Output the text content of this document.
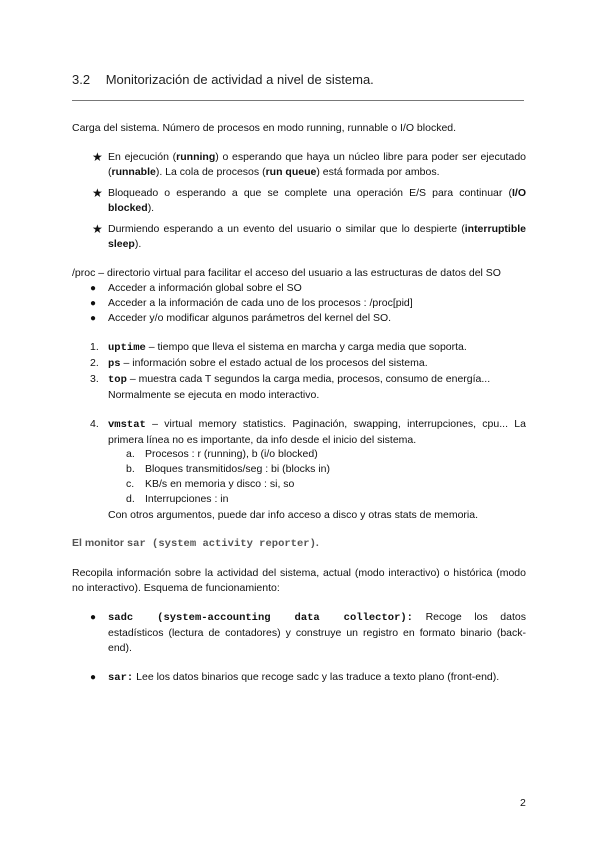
3.2 Monitorización de actividad a nivel de sistema.
Carga del sistema. Número de procesos en modo running, runnable o I/O blocked.
★ En ejecución (running) o esperando que haya un núcleo libre para poder ser ejecutado (runnable). La cola de procesos (run queue) está formada por ambos.
★ Bloqueado o esperando a que se complete una operación E/S para continuar (I/O blocked).
★ Durmiendo esperando a un evento del usuario o similar que lo despierte (interruptible sleep).
/proc – directorio virtual para facilitar el acceso del usuario a las estructuras de datos del SO
● Acceder a información global sobre el SO
● Acceder a la información de cada uno de los procesos : /proc[pid]
● Acceder y/o modificar algunos parámetros del kernel del SO.
1. uptime – tiempo que lleva el sistema en marcha y carga media que soporta.
2. ps – información sobre el estado actual de los procesos del sistema.
3. top – muestra cada T segundos la carga media, procesos, consumo de energía... Normalmente se ejecuta en modo interactivo.
4. vmstat – virtual memory statistics. Paginación, swapping, interrupciones, cpu... La primera línea no es importante, da info desde el inicio del sistema.
a. Procesos : r (running), b (i/o blocked)
b. Bloques transmitidos/seg : bi (blocks in)
c. KB/s en memoria y disco : si, so
d. Interrupciones : in
Con otros argumentos, puede dar info acceso a disco y otras stats de memoria.
El monitor sar (system activity reporter).
Recopila información sobre la actividad del sistema, actual (modo interactivo) o histórica (modo no interactivo). Esquema de funcionamiento:
● sadc (system-accounting data collector): Recoge los datos estadísticos (lectura de contadores) y construye un registro en formato binario (back-end).
● sar: Lee los datos binarios que recoge sadc y las traduce a texto plano (front-end).
2
